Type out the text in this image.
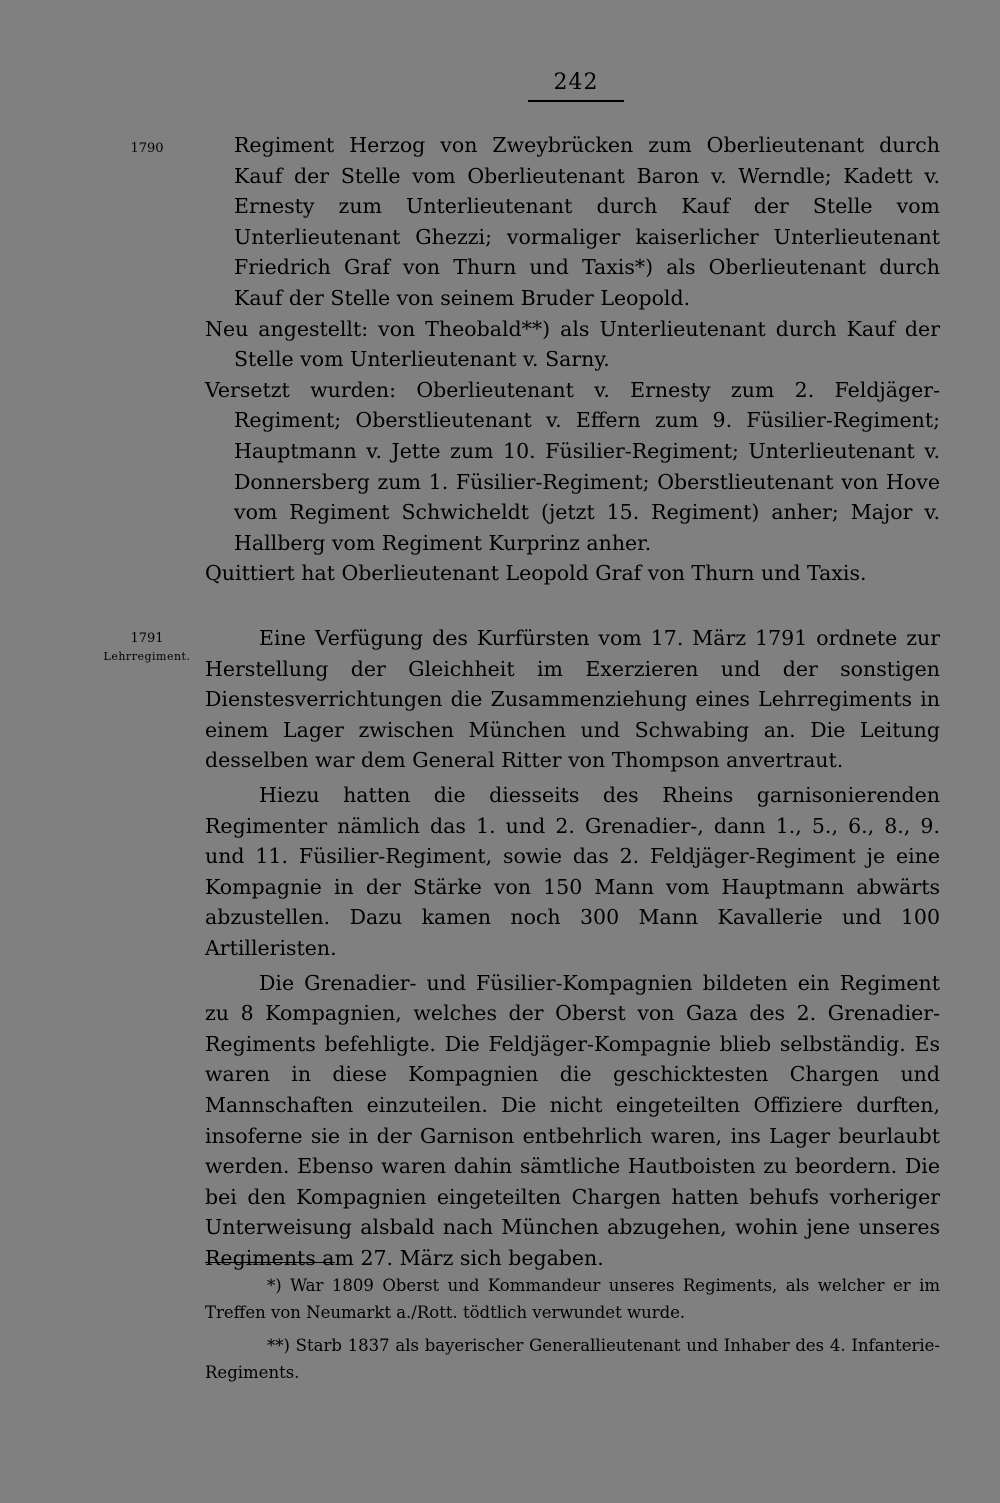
242
1790
1791
Lehrregiment.

Regiment Herzog von Zweybrücken zum Oberlieutenant durch Kauf der Stelle vom Oberlieutenant Baron v. Werndle; Kadett v. Ernesty zum Unterlieutenant durch Kauf der Stelle vom Unterlieutenant Ghezzi; vormaliger kaiserlicher Unterlieutenant Friedrich Graf von Thurn und Taxis*) als Oberlieutenant durch Kauf der Stelle von seinem Bruder Leopold.

Neu angestellt: von Theobald**) als Unterlieutenant durch Kauf der Stelle vom Unterlieutenant v. Sarny.

Versetzt wurden: Oberlieutenant v. Ernesty zum 2. Feldjäger-Regiment; Oberstlieutenant v. Effern zum 9. Füsilier-Regiment; Hauptmann v. Jette zum 10. Füsilier-Regiment; Unterlieutenant v. Donnersberg zum 1. Füsilier-Regiment; Oberstlieutenant von Hove vom Regiment Schwicheldt (jetzt 15. Regiment) anher; Major v. Hallberg vom Regiment Kurprinz anher.

Quittiert hat Oberlieutenant Leopold Graf von Thurn und Taxis.

Eine Verfügung des Kurfürsten vom 17. März 1791 ordnete zur Herstellung der Gleichheit im Exerzieren und der sonstigen Dienstesverrichtungen die Zusammenziehung eines Lehrregiments in einem Lager zwischen München und Schwabing an. Die Leitung desselben war dem General Ritter von Thompson anvertraut.

Hiezu hatten die diesseits des Rheins garnisonierenden Regimenter nämlich das 1. und 2. Grenadier-, dann 1., 5., 6., 8., 9. und 11. Füsilier-Regiment, sowie das 2. Feldjäger-Regiment je eine Kompagnie in der Stärke von 150 Mann vom Hauptmann abwärts abzustellen. Dazu kamen noch 300 Mann Kavallerie und 100 Artilleristen.

Die Grenadier- und Füsilier-Kompagnien bildeten ein Regiment zu 8 Kompagnien, welches der Oberst von Gaza des 2. Grenadier-Regiments befehligte. Die Feldjäger-Kompagnie blieb selbständig. Es waren in diese Kompagnien die geschicktesten Chargen und Mannschaften einzuteilen. Die nicht eingeteilten Offiziere durften, insoferne sie in der Garnison entbehrlich waren, ins Lager beurlaubt werden. Ebenso waren dahin sämtliche Hautboisten zu beordern. Die bei den Kompagnien eingeteilten Chargen hatten behufs vorheriger Unterweisung alsbald nach München abzugehen, wohin jene unseres Regiments am 27. März sich begaben.

*) War 1809 Oberst und Kommandeur unseres Regiments, als welcher er im Treffen von Neumarkt a./Rott. tödtlich verwundet wurde.

**) Starb 1837 als bayerischer Generallieutenant und Inhaber des 4. Infanterie-Regiments.
